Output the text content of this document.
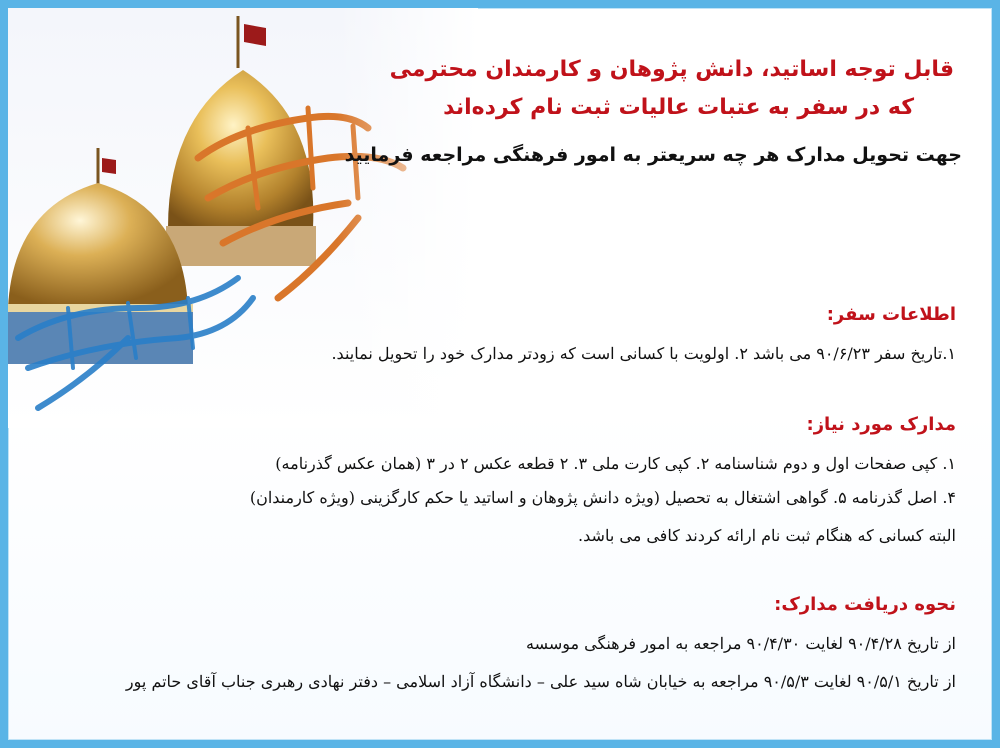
قابل توجه اساتید، دانش پژوهان و کارمندان محترمی
که در سفر به عتبات عالیات ثبت نام کرده‌اند
جهت تحویل مدارک هر چه سریعتر به امور فرهنگی مراجعه فرمایید
اطلاعات سفر:
۱.تاریخ سفر ۹۰/۶/۲۳ می باشد ۲. اولویت با کسانی است که زودتر مدارک خود را تحویل نمایند.
مدارک مورد نیاز:
۱. کپی صفحات اول و دوم شناسنامه ۲. کپی کارت ملی ۳. ۲ قطعه عکس ۲ در ۳ (همان عکس گذرنامه)
۴. اصل گذرنامه ۵. گواهی اشتغال به تحصیل (ویژه دانش پژوهان و اساتید یا حکم کارگزینی (ویژه کارمندان)
البته کسانی که هنگام ثبت نام ارائه کردند کافی می باشد.
نحوه دریافت مدارک:
از تاریخ ۹۰/۴/۲۸ لغایت ۹۰/۴/۳۰ مراجعه به امور فرهنگی موسسه
از تاریخ ۹۰/۵/۱ لغایت ۹۰/۵/۳ مراجعه به خیابان شاه سید علی – دانشگاه آزاد اسلامی – دفتر نهادی رهبری جناب آقای حاتم پور
